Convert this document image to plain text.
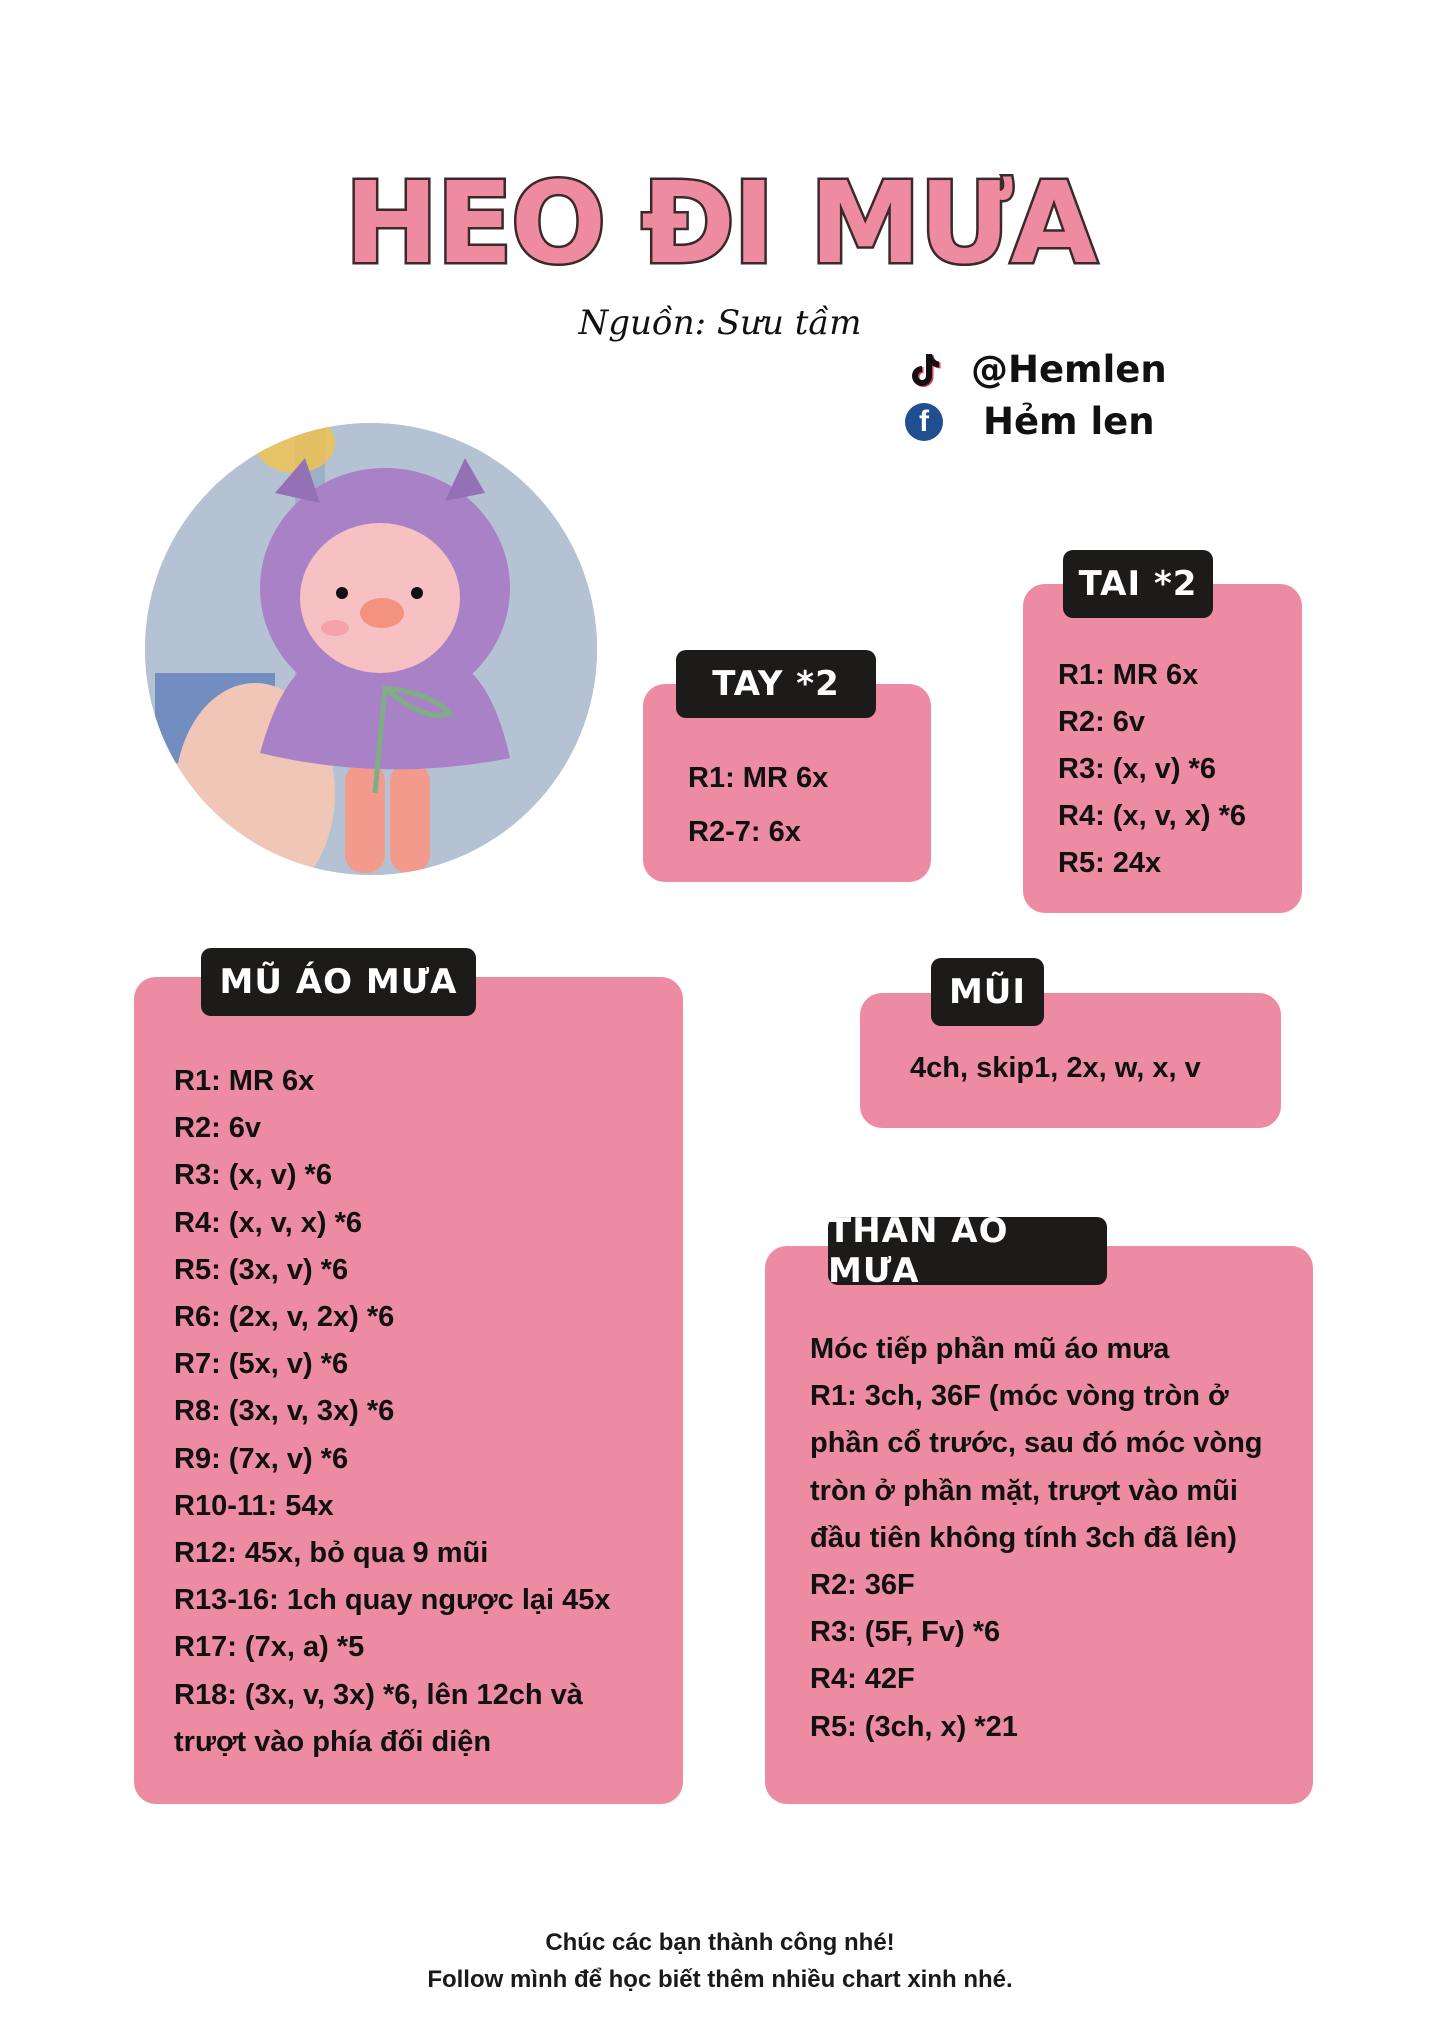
HEO ĐI MƯA
Nguồn: Sưu tầm
@Hemlen
f	Hẻm len
TAY *2
R1: MR 6x
R2-7: 6x
TAI *2
R1: MR 6x
R2: 6v
R3: (x, v) *6
R4: (x, v, x) *6
R5: 24x
MŨ ÁO MƯA
R1: MR 6x
R2: 6v
R3: (x, v) *6
R4: (x, v, x) *6
R5: (3x, v) *6
R6: (2x, v, 2x) *6
R7: (5x, v) *6
R8: (3x, v, 3x) *6
R9: (7x, v) *6
R10-11: 54x
R12: 45x, bỏ qua 9 mũi
R13-16: 1ch quay ngược lại 45x
R17: (7x, a) *5
R18: (3x, v, 3x) *6, lên 12ch và
trượt vào phía đối diện
MŨI
4ch, skip1, 2x, w, x, v
THÂN ÁO MƯA
Móc tiếp phần mũ áo mưa
R1: 3ch, 36F (móc vòng tròn ở
phần cổ trước, sau đó móc vòng
tròn ở phần mặt, trượt vào mũi
đầu tiên không tính 3ch đã lên)
R2: 36F
R3: (5F, Fv) *6
R4: 42F
R5: (3ch, x) *21
Chúc các bạn thành công nhé!
Follow mình để học biết thêm nhiều chart xinh nhé.
